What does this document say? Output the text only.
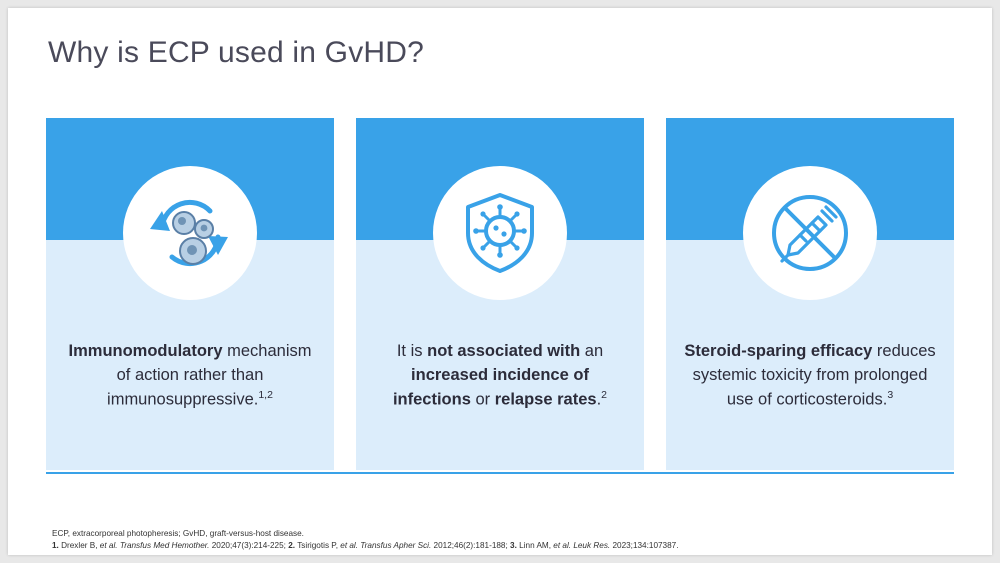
Why is ECP used in GvHD?
Immunomodulatory mechanism of action rather than immunosuppressive.$^{1,2}$
It is not associated with an increased incidence of infections or relapse rates.$^2$
Steroid-sparing efficacy reduces systemic toxicity from prolonged use of corticosteroids.$^3$
ECP, extracorporeal photopheresis; GvHD, graft-versus-host disease.
1. Drexler B, et al. Transfus Med Hemother. 2020;47(3):214-225; 2. Tsirigotis P, et al. Transfus Apher Sci. 2012;46(2):181-188; 3. Linn AM, et al. Leuk Res. 2023;134:107387.
